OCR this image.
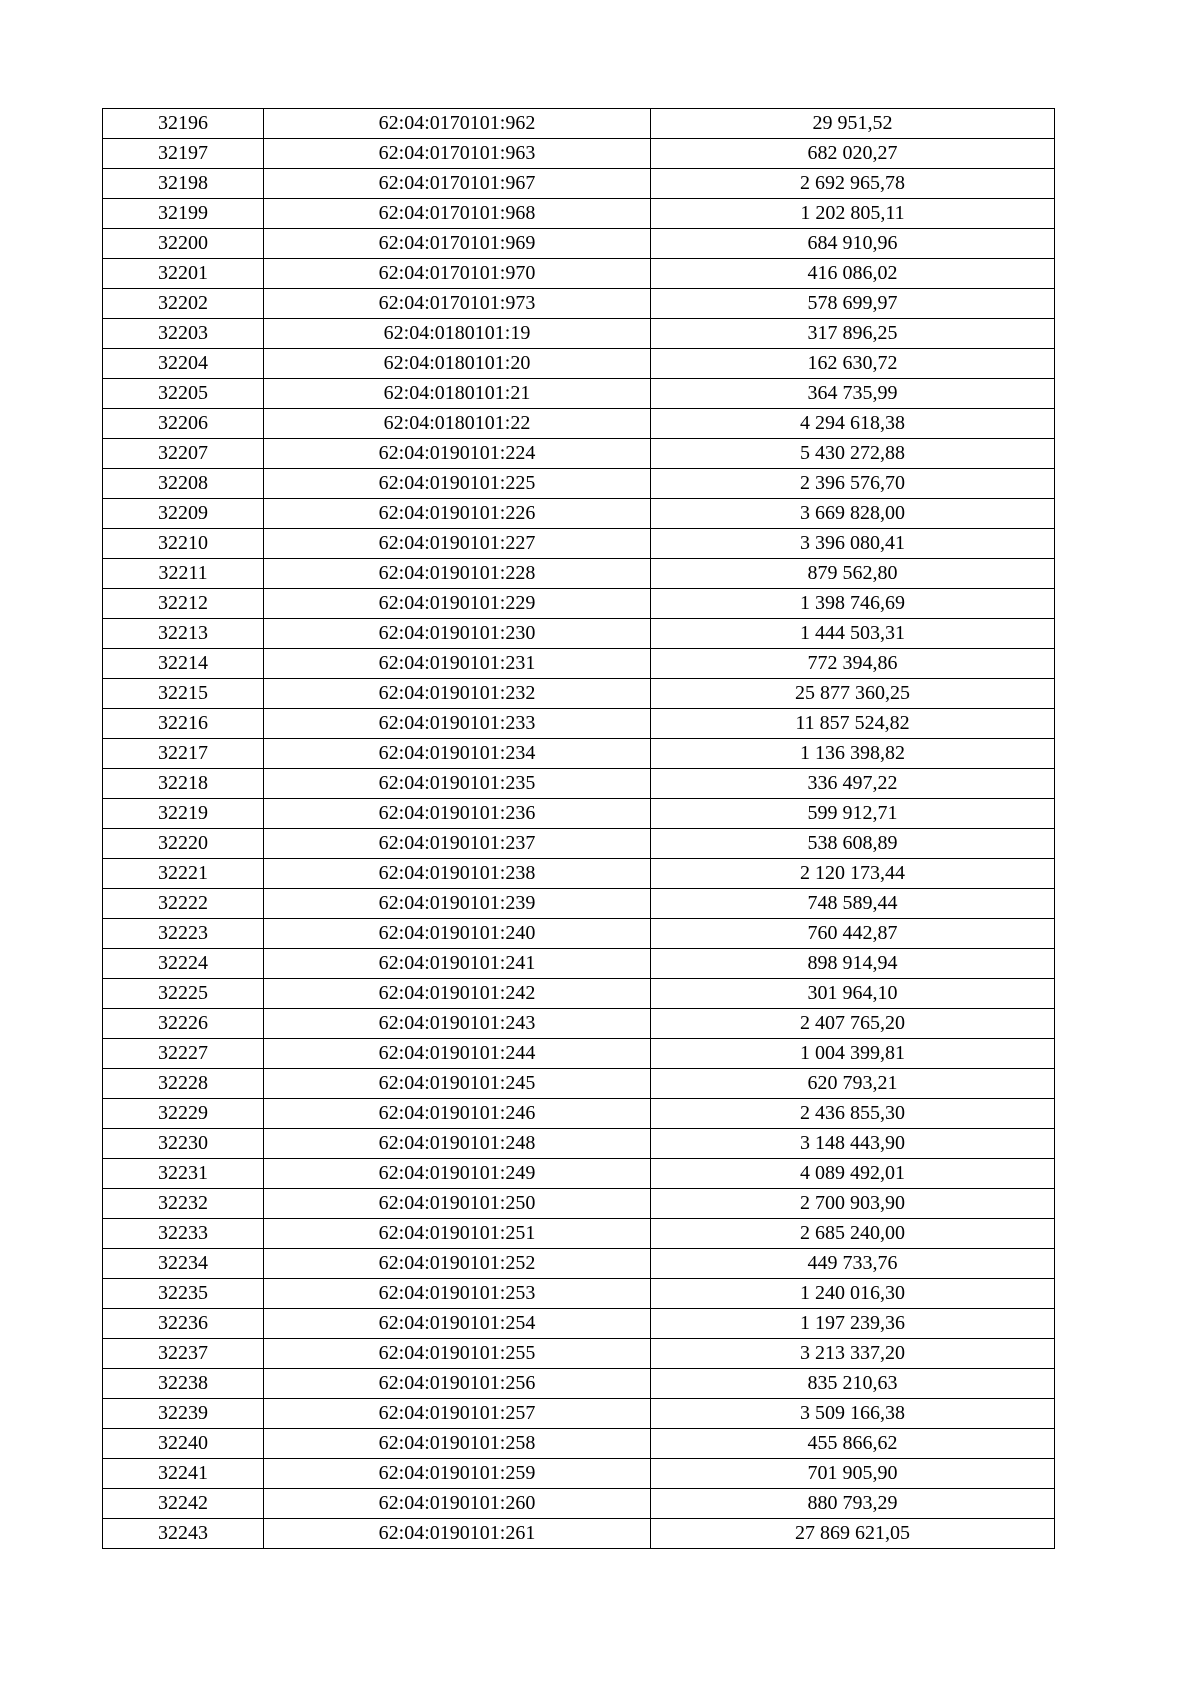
32196	62:04:0170101:962	29 951,52
32197	62:04:0170101:963	682 020,27
32198	62:04:0170101:967	2 692 965,78
32199	62:04:0170101:968	1 202 805,11
32200	62:04:0170101:969	684 910,96
32201	62:04:0170101:970	416 086,02
32202	62:04:0170101:973	578 699,97
32203	62:04:0180101:19	317 896,25
32204	62:04:0180101:20	162 630,72
32205	62:04:0180101:21	364 735,99
32206	62:04:0180101:22	4 294 618,38
32207	62:04:0190101:224	5 430 272,88
32208	62:04:0190101:225	2 396 576,70
32209	62:04:0190101:226	3 669 828,00
32210	62:04:0190101:227	3 396 080,41
32211	62:04:0190101:228	879 562,80
32212	62:04:0190101:229	1 398 746,69
32213	62:04:0190101:230	1 444 503,31
32214	62:04:0190101:231	772 394,86
32215	62:04:0190101:232	25 877 360,25
32216	62:04:0190101:233	11 857 524,82
32217	62:04:0190101:234	1 136 398,82
32218	62:04:0190101:235	336 497,22
32219	62:04:0190101:236	599 912,71
32220	62:04:0190101:237	538 608,89
32221	62:04:0190101:238	2 120 173,44
32222	62:04:0190101:239	748 589,44
32223	62:04:0190101:240	760 442,87
32224	62:04:0190101:241	898 914,94
32225	62:04:0190101:242	301 964,10
32226	62:04:0190101:243	2 407 765,20
32227	62:04:0190101:244	1 004 399,81
32228	62:04:0190101:245	620 793,21
32229	62:04:0190101:246	2 436 855,30
32230	62:04:0190101:248	3 148 443,90
32231	62:04:0190101:249	4 089 492,01
32232	62:04:0190101:250	2 700 903,90
32233	62:04:0190101:251	2 685 240,00
32234	62:04:0190101:252	449 733,76
32235	62:04:0190101:253	1 240 016,30
32236	62:04:0190101:254	1 197 239,36
32237	62:04:0190101:255	3 213 337,20
32238	62:04:0190101:256	835 210,63
32239	62:04:0190101:257	3 509 166,38
32240	62:04:0190101:258	455 866,62
32241	62:04:0190101:259	701 905,90
32242	62:04:0190101:260	880 793,29
32243	62:04:0190101:261	27 869 621,05
